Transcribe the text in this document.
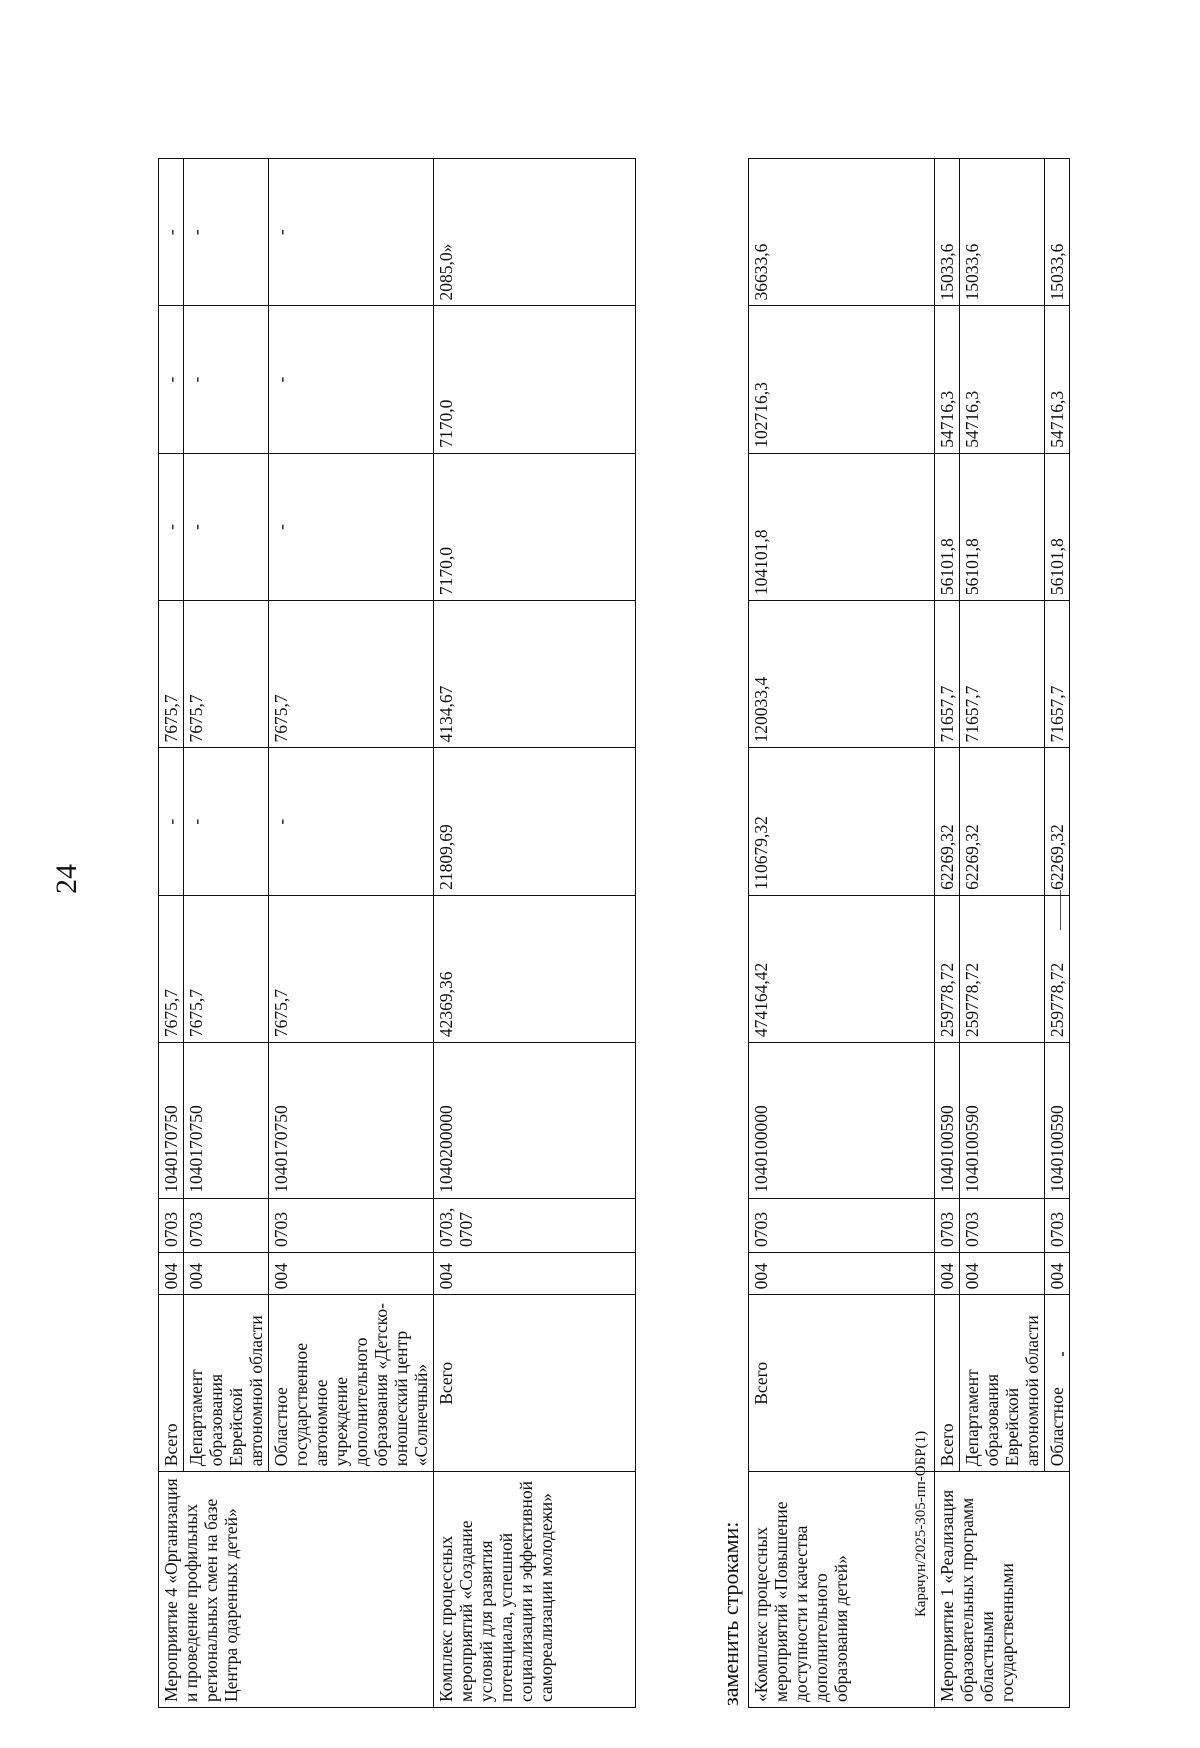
24
Карачун/2025-305-пп-ОБР(1)
Мероприятие 4 «Организация и проведение профильных региональных смен на базе Центра одаренных детей»	Всего	004	0703	1040170750	7675,7	-	7675,7	-	-	-
	Департамент образования Еврейской автономной области	004	0703	1040170750	7675,7	-	7675,7	-	-	-
	Областное государственное автономное учреждение дополнительного образования «Детско-юношеский центр «Солнечный»	004	0703	1040170750	7675,7	-	7675,7	-	-	-
Комплекс процессных мероприятий «Создание условий для развития потенциала, успешной социализации и эффективной самореализации молодежи»	Всего	004	0703, 0707	1040200000	42369,36	21809,69	4134,67	7170,0	7170,0	2085,0»
заменить строками: «Комплекс процессных мероприятий «Повышение доступности и качества дополнительного образования детей»	Всего	004	0703	1040100000	474164,42	110679,32	120033,4	104101,8	102716,3	36633,6
Мероприятие 1 «Реализация образовательных программ областными государственными	Всего	004	0703	1040100590	259778,72	62269,32	71657,7	56101,8	54716,3	15033,6
	Департамент образования Еврейской автономной области	004	0703	1040100590	259778,72	62269,32	71657,7	56101,8	54716,3	15033,6
	Областное	004	0703	1040100590	259778,72	62269,32	71657,7	56101,8	54716,3	15033,6
